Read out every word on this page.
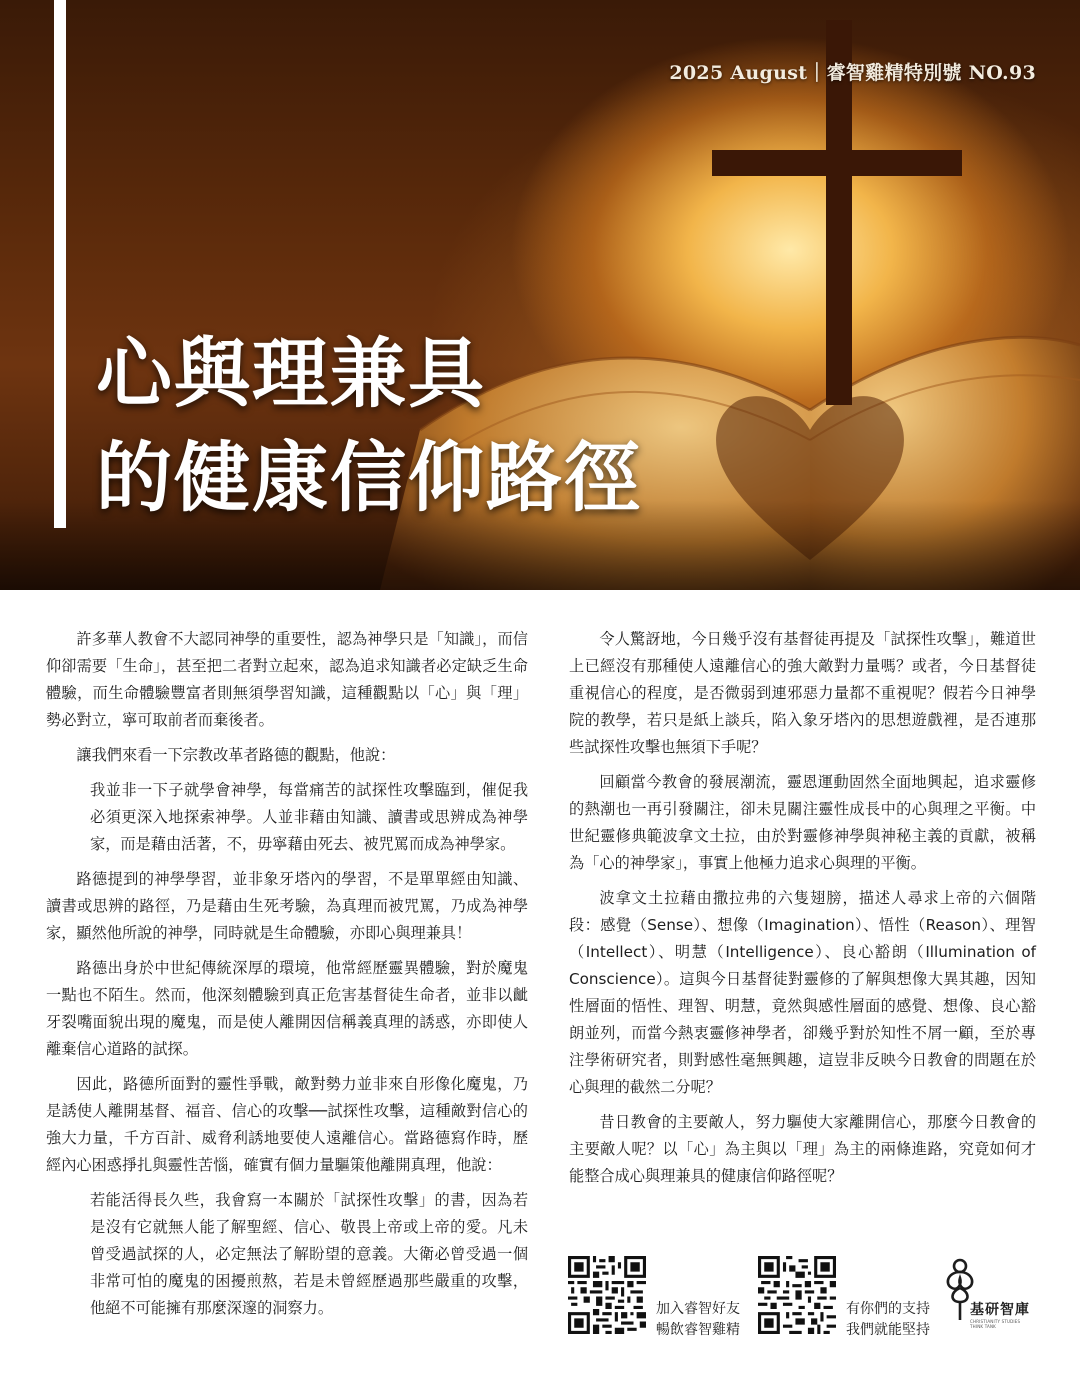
2025 August｜睿智雞精特別號 NO.93
心與理兼具
的健康信仰路徑

許多華人教會不大認同神學的重要性，認為神學只是「知識」，而信仰卻需要「生命」，甚至把二者對立起來，認為追求知識者必定缺乏生命體驗，而生命體驗豐富者則無須學習知識，這種觀點以「心」與「理」勢必對立，寧可取前者而棄後者。

讓我們來看一下宗教改革者路德的觀點，他說：

我並非一下子就學會神學，每當痛苦的試探性攻擊臨到，催促我必須更深入地探索神學。人並非藉由知識、讀書或思辨成為神學家，而是藉由活著，不，毋寧藉由死去、被咒罵而成為神學家。

路德提到的神學學習，並非象牙塔內的學習，不是單單經由知識、讀書或思辨的路徑，乃是藉由生死考驗，為真理而被咒罵，乃成為神學家，顯然他所說的神學，同時就是生命體驗，亦即心與理兼具！

路德出身於中世紀傳統深厚的環境，他常經歷靈異體驗，對於魔鬼一點也不陌生。然而，他深刻體驗到真正危害基督徒生命者，並非以齜牙裂嘴面貌出現的魔鬼，而是使人離開因信稱義真理的誘惑，亦即使人離棄信心道路的試探。

因此，路德所面對的靈性爭戰，敵對勢力並非來自形像化魔鬼，乃是誘使人離開基督、福音、信心的攻擊──試探性攻擊，這種敵對信心的強大力量，千方百計、威脅利誘地要使人遠離信心。當路德寫作時，歷經內心困惑掙扎與靈性苦惱，確實有個力量驅策他離開真理，他說：

若能活得長久些，我會寫一本關於「試探性攻擊」的書，因為若是沒有它就無人能了解聖經、信心、敬畏上帝或上帝的愛。凡未曾受過試探的人，必定無法了解盼望的意義。大衛必曾受過一個非常可怕的魔鬼的困擾煎熬，若是未曾經歷過那些嚴重的攻擊，他絕不可能擁有那麼深邃的洞察力。

令人驚訝地，今日幾乎沒有基督徒再提及「試探性攻擊」，難道世上已經沒有那種使人遠離信心的強大敵對力量嗎？或者，今日基督徒重視信心的程度，是否微弱到連邪惡力量都不重視呢？假若今日神學院的教學，若只是紙上談兵，陷入象牙塔內的思想遊戲裡，是否連那些試探性攻擊也無須下手呢？

回顧當今教會的發展潮流，靈恩運動固然全面地興起，追求靈修的熱潮也一再引發關注，卻未見關注靈性成長中的心與理之平衡。中世紀靈修典範波拿文土拉，由於對靈修神學與神秘主義的貢獻，被稱為「心的神學家」，事實上他極力追求心與理的平衡。

波拿文土拉藉由撒拉弗的六隻翅膀，描述人尋求上帝的六個階段：感覺（Sense）、想像（Imagination）、悟性（Reason）、理智（Intellect）、明慧（Intelligence）、良心豁朗（Illumination of Conscience）。這與今日基督徒對靈修的了解與想像大異其趣，因知性層面的悟性、理智、明慧，竟然與感性層面的感覺、想像、良心豁朗並列，而當今熱衷靈修神學者，卻幾乎對於知性不屑一顧，至於專注學術研究者，則對感性毫無興趣，這豈非反映今日教會的問題在於心與理的截然二分呢？

昔日教會的主要敵人，努力驅使大家離開信心，那麼今日教會的主要敵人呢？以「心」為主與以「理」為主的兩條進路，究竟如何才能整合成心與理兼具的健康信仰路徑呢？

加入睿智好友
暢飲睿智雞精
有你們的支持
我們就能堅持
基研智庫
CHRISTIANITY STUDIES THINK TANK
